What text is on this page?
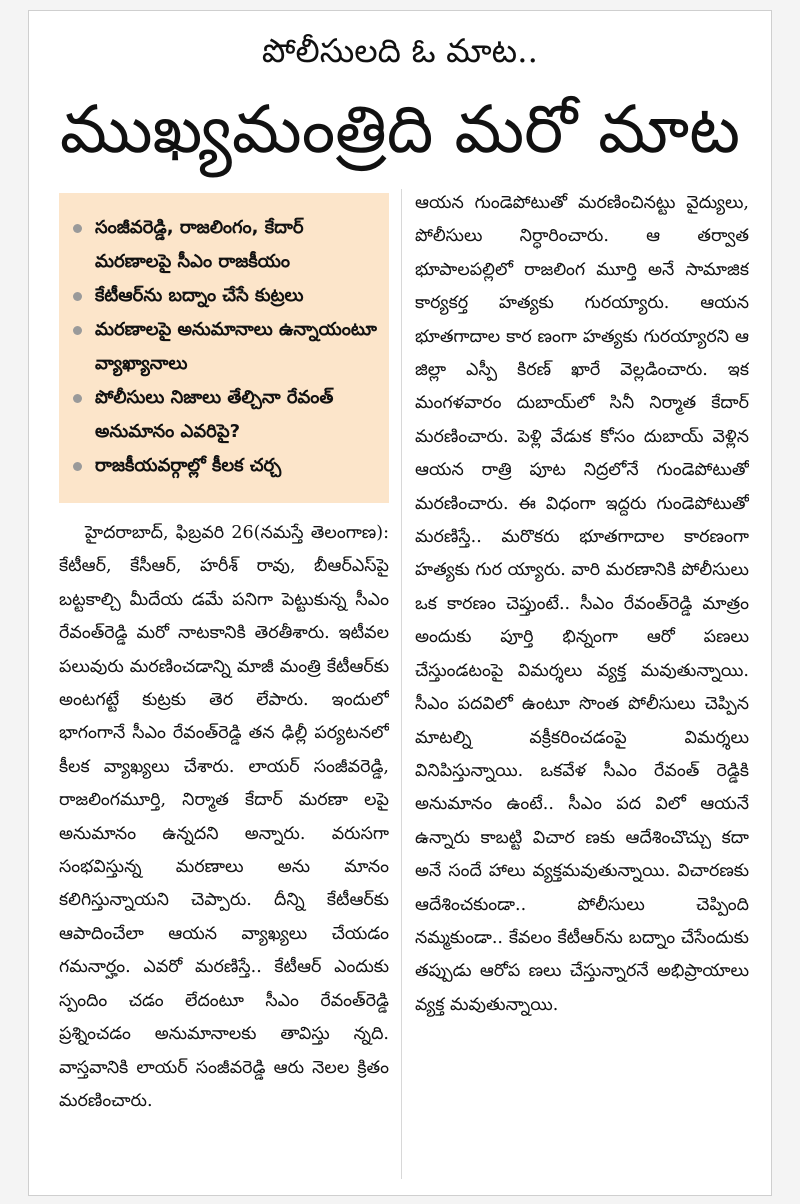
పోలీసులది ఓ మాట..
ముఖ్యమంత్రిది మరో మాట
సంజీవరెడ్డి, రాజలింగం, కేదార్ మరణాలపై సీఎం రాజకీయం
కేటీఆర్‌ను బద్నాం చేసే కుట్రలు
మరణాలపై అనుమానాలు ఉన్నాయంటూ వ్యాఖ్యానాలు
పోలీసులు నిజాలు తేల్చినా రేవంత్ అనుమానం ఎవరిపై?
రాజకీయవర్గాల్లో కీలక చర్చ

హైదరాబాద్, ఫిబ్రవరి 26(నమస్తే తెలంగాణ): కేటీఆర్, కేసీఆర్, హరీశ్ రావు, బీఆర్ఎస్‌పై బట్టకాల్చి మీదేయ డమే పనిగా పెట్టుకున్న సీఎం రేవంత్‌రెడ్డి మరో నాటకానికి తెరతీశారు. ఇటీవల పలువురు మరణించడాన్ని మాజీ మంత్రి కేటీఆర్‌కు అంటగట్టే కుట్రకు తెర లేపారు. ఇందులో భాగంగానే సీఎం రేవంత్‌రెడ్డి తన ఢిల్లీ పర్యటనలో కీలక వ్యాఖ్యలు చేశారు. లాయర్ సంజీవరెడ్డి, రాజలింగమూర్తి, నిర్మాత కేదార్ మరణా లపై అనుమానం ఉన్నదని అన్నారు. వరుసగా సంభవిస్తున్న మరణాలు అను మానం కలిగిస్తున్నాయని చెప్పారు. దీన్ని కేటీఆర్‌కు ఆపాదించేలా ఆయన వ్యాఖ్యలు చేయడం గమనార్హం. ఎవరో మరణిస్తే.. కేటీఆర్ ఎందుకు స్పందిం చడం లేదంటూ సీఎం రేవంత్‌రెడ్డి ప్రశ్నించడం అనుమానాలకు తావిస్తు న్నది. వాస్తవానికి లాయర్ సంజీవరెడ్డి ఆరు నెలల క్రితం మరణించారు.

ఆయన గుండెపోటుతో మరణించినట్టు వైద్యులు, పోలీసులు నిర్ధారించారు. ఆ తర్వాత భూపాలపల్లిలో రాజలింగ మూర్తి అనే సామాజిక కార్యకర్త హత్యకు గురయ్యారు. ఆయన భూతగాదాల కార ణంగా హత్యకు గురయ్యారని ఆ జిల్లా ఎస్పీ కిరణ్ ఖారే వెల్లడించారు. ఇక మంగళవారం దుబాయ్‌లో సినీ నిర్మాత కేదార్ మరణించారు. పెళ్లి వేడుక కోసం దుబాయ్ వెళ్లిన ఆయన రాత్రి పూట నిద్రలోనే గుండెపోటుతో మరణించారు. ఈ విధంగా ఇద్దరు గుండెపోటుతో మరణిస్తే.. మరొకరు భూతగాదాల కారణంగా హత్యకు గుర య్యారు. వారి మరణానికి పోలీసులు ఒక కారణం చెప్తుంటే.. సీఎం రేవంత్‌రెడ్డి మాత్రం అందుకు పూర్తి భిన్నంగా ఆరో పణలు చేస్తుండటంపై విమర్శలు వ్యక్త మవుతున్నాయి. సీఎం పదవిలో ఉంటూ సొంత పోలీసులు చెప్పిన మాటల్ని వక్రీకరించడంపై విమర్శలు వినిపిస్తున్నాయి. ఒకవేళ సీఎం రేవంత్ రెడ్డికి అనుమానం ఉంటే.. సీఎం పద విలో ఆయనే ఉన్నారు కాబట్టి విచార ణకు ఆదేశించొచ్చు కదా అనే సందే హాలు వ్యక్తమవుతున్నాయి. విచారణకు ఆదేశించకుండా.. పోలీసులు చెప్పింది నమ్మకుండా.. కేవలం కేటీఆర్‌ను బద్నాం చేసేందుకు తప్పుడు ఆరోప ణలు చేస్తున్నారనే అభిప్రాయాలు వ్యక్త మవుతున్నాయి.
